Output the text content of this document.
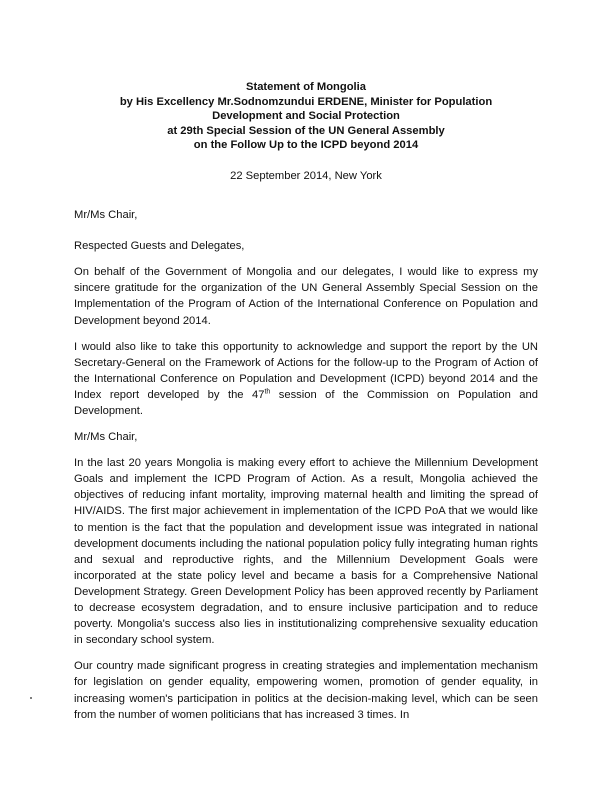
Statement of Mongolia
by His Excellency Mr.Sodnomzundui ERDENE, Minister for Population
Development and Social Protection
at 29th Special Session of the UN General Assembly
on the Follow Up to the ICPD beyond 2014
22 September 2014, New York
Mr/Ms Chair,
Respected Guests and Delegates,

On behalf of the Government of Mongolia and our delegates, I would like to express my sincere gratitude for the organization of the UN General Assembly Special Session on the Implementation of the Program of Action of the International Conference on Population and Development beyond 2014.

I would also like to take this opportunity to acknowledge and support the report by the UN Secretary-General on the Framework of Actions for the follow-up to the Program of Action of the International Conference on Population and Development (ICPD) beyond 2014 and the Index report developed by the 47th session of the Commission on Population and Development.

Mr/Ms Chair,

In the last 20 years Mongolia is making every effort to achieve the Millennium Development Goals and implement the ICPD Program of Action. As a result, Mongolia achieved the objectives of reducing infant mortality, improving maternal health and limiting the spread of HIV/AIDS. The first major achievement in implementation of the ICPD PoA that we would like to mention is the fact that the population and development issue was integrated in national development documents including the national population policy fully integrating human rights and sexual and reproductive rights, and the Millennium Development Goals were incorporated at the state policy level and became a basis for a Comprehensive National Development Strategy. Green Development Policy has been approved recently by Parliament to decrease ecosystem degradation, and to ensure inclusive participation and to reduce poverty. Mongolia's success also lies in institutionalizing comprehensive sexuality education in secondary school system.

Our country made significant progress in creating strategies and implementation mechanism for legislation on gender equality, empowering women, promotion of gender equality, in increasing women's participation in politics at the decision-making level, which can be seen from the number of women politicians that has increased 3 times. In
